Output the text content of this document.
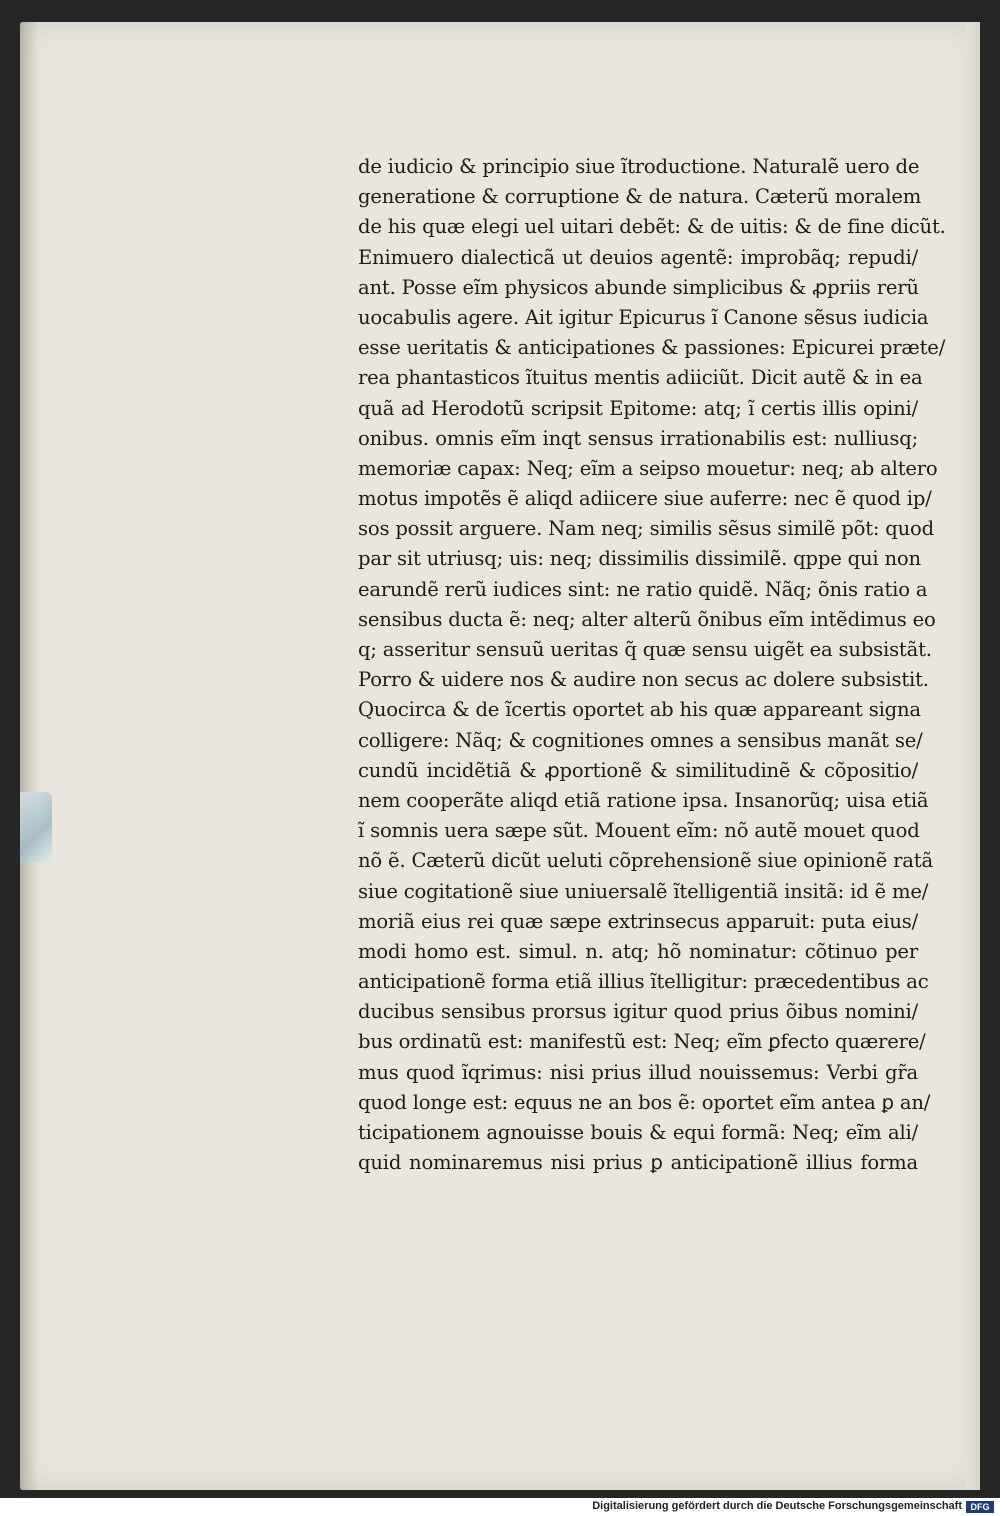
de iudicio & principio siue ĩtroductione. Naturalẽ uero de
generatione & corruptione & de natura. Cæterũ moralem
de his quæ elegi uel uitari debẽt: & de uitis: & de fine dicũt.
Enimuero dialecticã ut deuios agentẽ: improbãq; repudi/
ant. Posse eĩm physicos abunde simplicibus & ꝓpriis rerũ
uocabulis agere. Ait igitur Epicurus ĩ Canone sẽsus iudicia
esse ueritatis & anticipationes & passiones: Epicurei præte/
rea phantasticos ĩtuitus mentis adiiciũt. Dicit autẽ & in ea
quã ad Herodotũ scripsit Epitome: atq; ĩ certis illis opini/
onibus. omnis eĩm inqt sensus irrationabilis est: nulliusq;
memoriæ capax: Neq; eĩm a seipso mouetur: neq; ab altero
motus impotẽs ẽ aliqd adiicere siue auferre: nec ẽ quod ip/
sos possit arguere. Nam neq; similis sẽsus similẽ põt: quod
par sit utriusq; uis: neq; dissimilis dissimilẽ. qppe qui non
earundẽ rerũ iudices sint: ne ratio quidẽ. Nãq; õnis ratio a
sensibus ducta ẽ: neq; alter alterũ õnibus eĩm intẽdimus eo
q; asseritur sensuũ ueritas q̃ quæ sensu uigẽt ea subsistãt.
Porro & uidere nos & audire non secus ac dolere subsistit.
Quocirca & de ĩcertis oportet ab his quæ appareant signa
colligere: Nãq; & cognitiones omnes a sensibus manãt se/
cundũ incidẽtiã & ꝓportionẽ & similitudinẽ & cõpositio/
nem cooperãte aliqd etiã ratione ipsa. Insanorũq; uisa etiã
ĩ somnis uera sæpe sũt. Mouent eĩm: nõ autẽ mouet quod
nõ ẽ. Cæterũ dicũt ueluti cõprehensionẽ siue opinionẽ ratã
siue cogitationẽ siue uniuersalẽ ĩtelligentiã insitã: id ẽ me/
moriã eius rei quæ sæpe extrinsecus apparuit: puta eius/
modi homo est. simul. n. atq; hõ nominatur: cõtinuo per
anticipationẽ forma etiã illius ĩtelligitur: præcedentibus ac
ducibus sensibus prorsus igitur quod prius õibus nomini/
bus ordinatũ est: manifestũ est: Neq; eĩm ꝑfecto quærere/
mus quod ĩqrimus: nisi prius illud nouissemus: Verbi gr̃a
quod longe est: equus ne an bos ẽ: oportet eĩm antea ꝑ an/
ticipationem agnouisse bouis & equi formã: Neq; eĩm ali/
quid nominaremus nisi prius ꝑ anticipationẽ illius forma
Digitalisierung gefördert durch die Deutsche Forschungsgemeinschaft DFG
